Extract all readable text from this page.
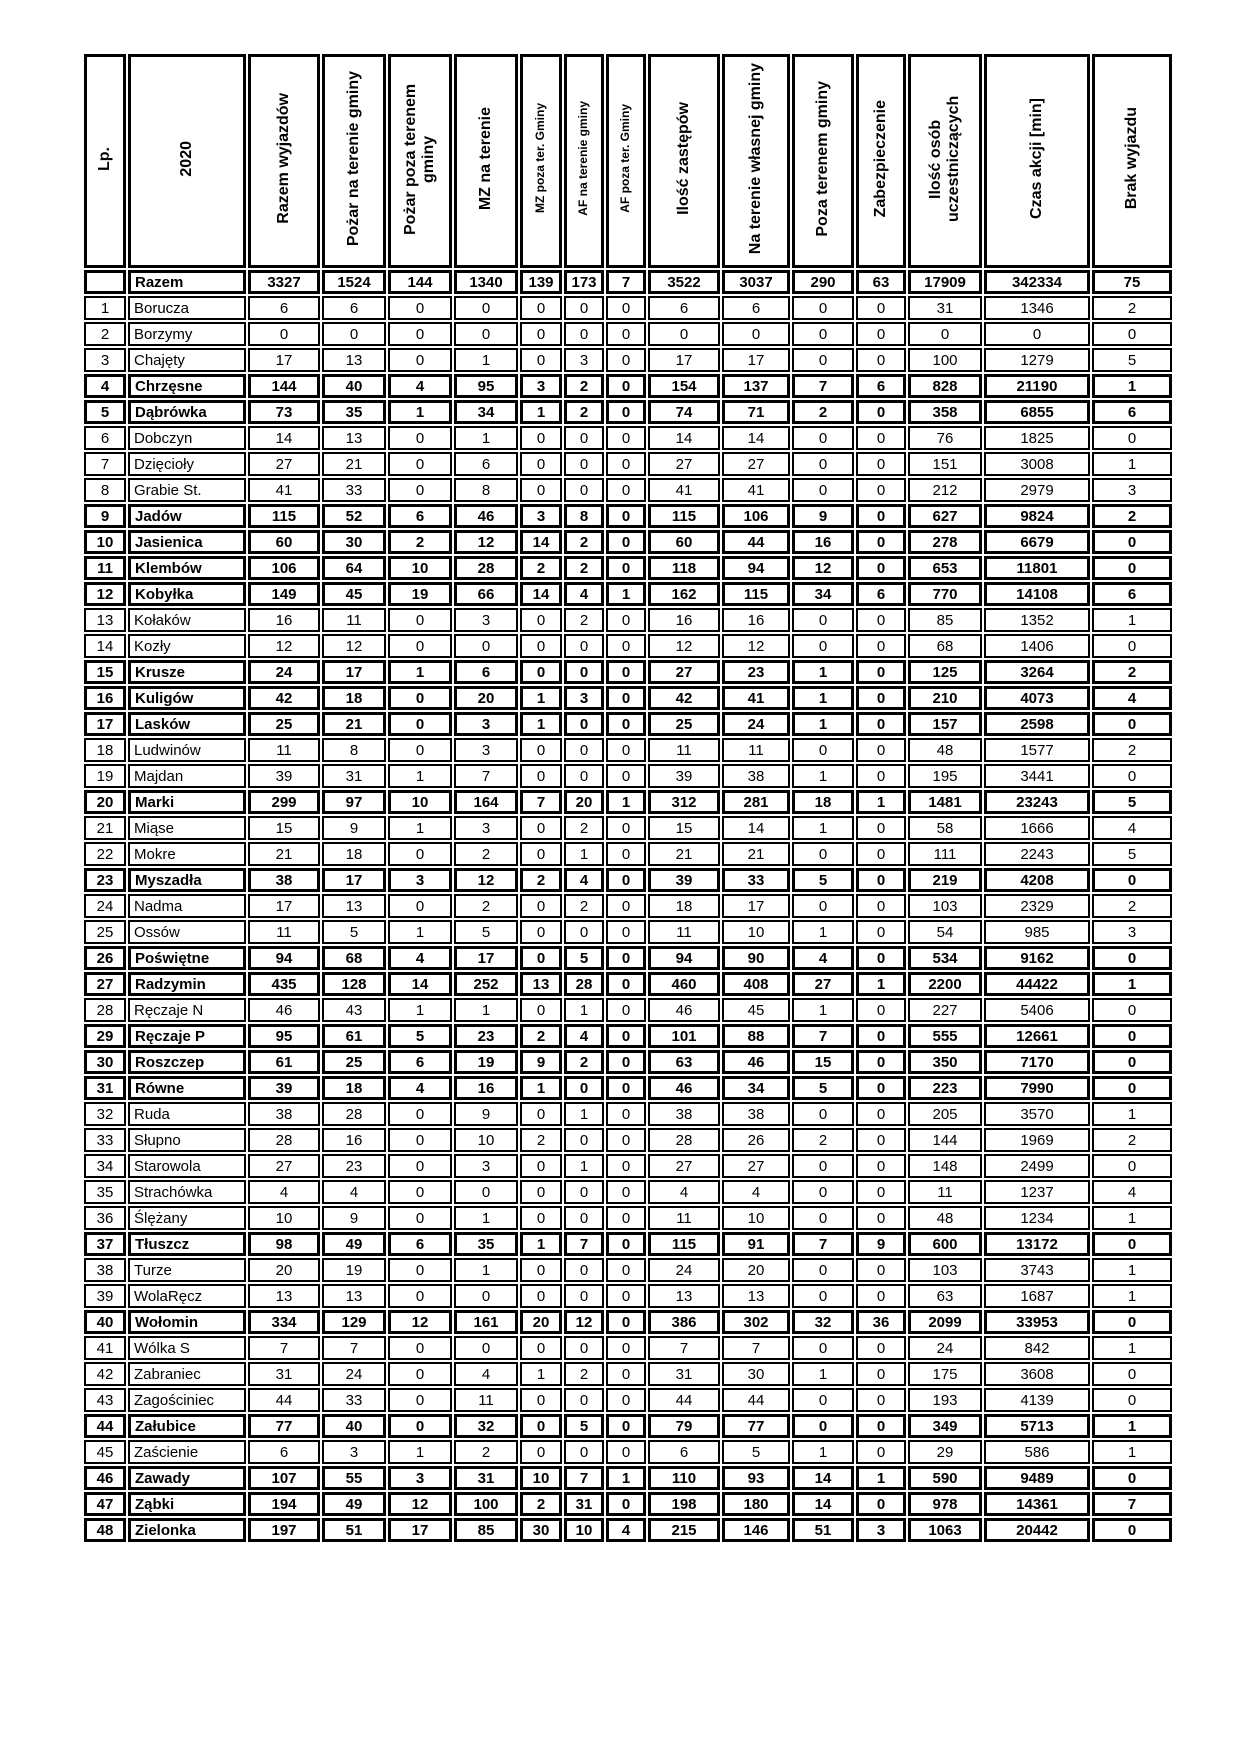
Lp.	2020	Razem wyjazdów	Pożar na terenie gminy	Pożar poza terenem gminy	MZ na terenie	MZ poza ter. Gminy	AF na terenie gminy	AF poza ter. Gminy	Ilość zastępów	Na terenie własnej gminy	Poza terenem gminy	Zabezpieczenie	Ilość osób uczestniczących	Czas akcji [min]	Brak wyjazdu
	Razem	3327	1524	144	1340	139	173	7	3522	3037	290	63	17909	342334	75
1	Borucza	6	6	0	0	0	0	0	6	6	0	0	31	1346	2
2	Borzymy	0	0	0	0	0	0	0	0	0	0	0	0	0	0
3	Chajęty	17	13	0	1	0	3	0	17	17	0	0	100	1279	5
4	Chrzęsne	144	40	4	95	3	2	0	154	137	7	6	828	21190	1
5	Dąbrówka	73	35	1	34	1	2	0	74	71	2	0	358	6855	6
6	Dobczyn	14	13	0	1	0	0	0	14	14	0	0	76	1825	0
7	Dzięcioły	27	21	0	6	0	0	0	27	27	0	0	151	3008	1
8	Grabie St.	41	33	0	8	0	0	0	41	41	0	0	212	2979	3
9	Jadów	115	52	6	46	3	8	0	115	106	9	0	627	9824	2
10	Jasienica	60	30	2	12	14	2	0	60	44	16	0	278	6679	0
11	Klembów	106	64	10	28	2	2	0	118	94	12	0	653	11801	0
12	Kobyłka	149	45	19	66	14	4	1	162	115	34	6	770	14108	6
13	Kołaków	16	11	0	3	0	2	0	16	16	0	0	85	1352	1
14	Kozły	12	12	0	0	0	0	0	12	12	0	0	68	1406	0
15	Krusze	24	17	1	6	0	0	0	27	23	1	0	125	3264	2
16	Kuligów	42	18	0	20	1	3	0	42	41	1	0	210	4073	4
17	Lasków	25	21	0	3	1	0	0	25	24	1	0	157	2598	0
18	Ludwinów	11	8	0	3	0	0	0	11	11	0	0	48	1577	2
19	Majdan	39	31	1	7	0	0	0	39	38	1	0	195	3441	0
20	Marki	299	97	10	164	7	20	1	312	281	18	1	1481	23243	5
21	Miąse	15	9	1	3	0	2	0	15	14	1	0	58	1666	4
22	Mokre	21	18	0	2	0	1	0	21	21	0	0	111	2243	5
23	Myszadła	38	17	3	12	2	4	0	39	33	5	0	219	4208	0
24	Nadma	17	13	0	2	0	2	0	18	17	0	0	103	2329	2
25	Ossów	11	5	1	5	0	0	0	11	10	1	0	54	985	3
26	Poświętne	94	68	4	17	0	5	0	94	90	4	0	534	9162	0
27	Radzymin	435	128	14	252	13	28	0	460	408	27	1	2200	44422	1
28	Ręczaje N	46	43	1	1	0	1	0	46	45	1	0	227	5406	0
29	Ręczaje P	95	61	5	23	2	4	0	101	88	7	0	555	12661	0
30	Roszczep	61	25	6	19	9	2	0	63	46	15	0	350	7170	0
31	Równe	39	18	4	16	1	0	0	46	34	5	0	223	7990	0
32	Ruda	38	28	0	9	0	1	0	38	38	0	0	205	3570	1
33	Słupno	28	16	0	10	2	0	0	28	26	2	0	144	1969	2
34	Starowola	27	23	0	3	0	1	0	27	27	0	0	148	2499	0
35	Strachówka	4	4	0	0	0	0	0	4	4	0	0	11	1237	4
36	Ślężany	10	9	0	1	0	0	0	11	10	0	0	48	1234	1
37	Tłuszcz	98	49	6	35	1	7	0	115	91	7	9	600	13172	0
38	Turze	20	19	0	1	0	0	0	24	20	0	0	103	3743	1
39	WolaRęcz	13	13	0	0	0	0	0	13	13	0	0	63	1687	1
40	Wołomin	334	129	12	161	20	12	0	386	302	32	36	2099	33953	0
41	Wólka S	7	7	0	0	0	0	0	7	7	0	0	24	842	1
42	Zabraniec	31	24	0	4	1	2	0	31	30	1	0	175	3608	0
43	Zagościniec	44	33	0	11	0	0	0	44	44	0	0	193	4139	0
44	Załubice	77	40	0	32	0	5	0	79	77	0	0	349	5713	1
45	Zaścienie	6	3	1	2	0	0	0	6	5	1	0	29	586	1
46	Zawady	107	55	3	31	10	7	1	110	93	14	1	590	9489	0
47	Ząbki	194	49	12	100	2	31	0	198	180	14	0	978	14361	7
48	Zielonka	197	51	17	85	30	10	4	215	146	51	3	1063	20442	0
